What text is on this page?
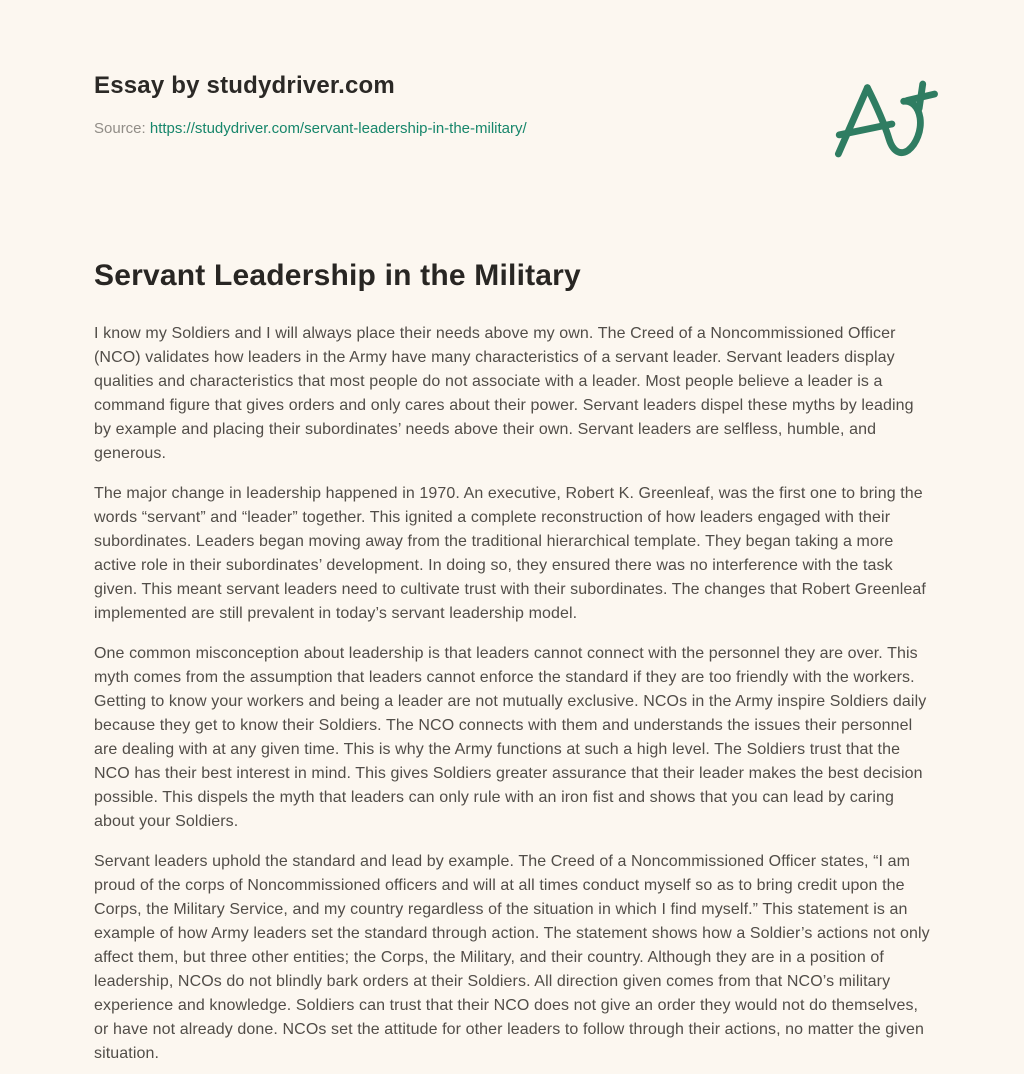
Essay by studydriver.com
Source: https://studydriver.com/servant-leadership-in-the-military/
Servant Leadership in the Military

I know my Soldiers and I will always place their needs above my own. The Creed of a Noncommissioned Officer (NCO) validates how leaders in the Army have many characteristics of a servant leader. Servant leaders display qualities and characteristics that most people do not associate with a leader. Most people believe a leader is a command figure that gives orders and only cares about their power. Servant leaders dispel these myths by leading by example and placing their subordinates’ needs above their own. Servant leaders are selfless, humble, and generous.

The major change in leadership happened in 1970. An executive, Robert K. Greenleaf, was the first one to bring the words “servant” and “leader” together. This ignited a complete reconstruction of how leaders engaged with their subordinates. Leaders began moving away from the traditional hierarchical template. They began taking a more active role in their subordinates’ development. In doing so, they ensured there was no interference with the task given. This meant servant leaders need to cultivate trust with their subordinates. The changes that Robert Greenleaf implemented are still prevalent in today’s servant leadership model.

One common misconception about leadership is that leaders cannot connect with the personnel they are over. This myth comes from the assumption that leaders cannot enforce the standard if they are too friendly with the workers. Getting to know your workers and being a leader are not mutually exclusive. NCOs in the Army inspire Soldiers daily because they get to know their Soldiers. The NCO connects with them and understands the issues their personnel are dealing with at any given time. This is why the Army functions at such a high level. The Soldiers trust that the NCO has their best interest in mind. This gives Soldiers greater assurance that their leader makes the best decision possible. This dispels the myth that leaders can only rule with an iron fist and shows that you can lead by caring about your Soldiers.

Servant leaders uphold the standard and lead by example. The Creed of a Noncommissioned Officer states, “I am proud of the corps of Noncommissioned officers and will at all times conduct myself so as to bring credit upon the Corps, the Military Service, and my country regardless of the situation in which I find myself.” This statement is an example of how Army leaders set the standard through action. The statement shows how a Soldier’s actions not only affect them, but three other entities; the Corps, the Military, and their country. Although they are in a position of leadership, NCOs do not blindly bark orders at their Soldiers. All direction given comes from that NCO’s military experience and knowledge. Soldiers can trust that their NCO does not give an order they would not do themselves, or have not already done. NCOs set the attitude for other leaders to follow through their actions, no matter the given situation.
